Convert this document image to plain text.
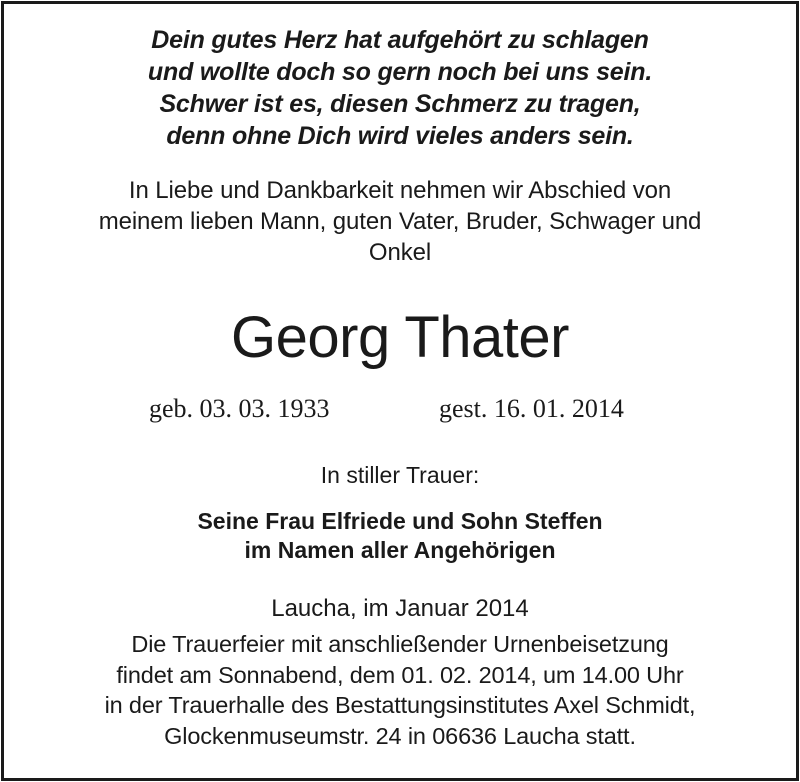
Dein gutes Herz hat aufgehört zu schlagen
und wollte doch so gern noch bei uns sein.
Schwer ist es, diesen Schmerz zu tragen,
denn ohne Dich wird vieles anders sein.
In Liebe und Dankbarkeit nehmen wir Abschied von
meinem lieben Mann, guten Vater, Bruder, Schwager und
Onkel
Georg Thater
geb. 03. 03. 1933	gest. 16. 01. 2014
In stiller Trauer:
Seine Frau Elfriede und Sohn Steffen
im Namen aller Angehörigen
Laucha, im Januar 2014
Die Trauerfeier mit anschließender Urnenbeisetzung
findet am Sonnabend, dem 01. 02. 2014, um 14.00 Uhr
in der Trauerhalle des Bestattungsinstitutes Axel Schmidt,
Glockenmuseumstr. 24 in 06636 Laucha statt.
